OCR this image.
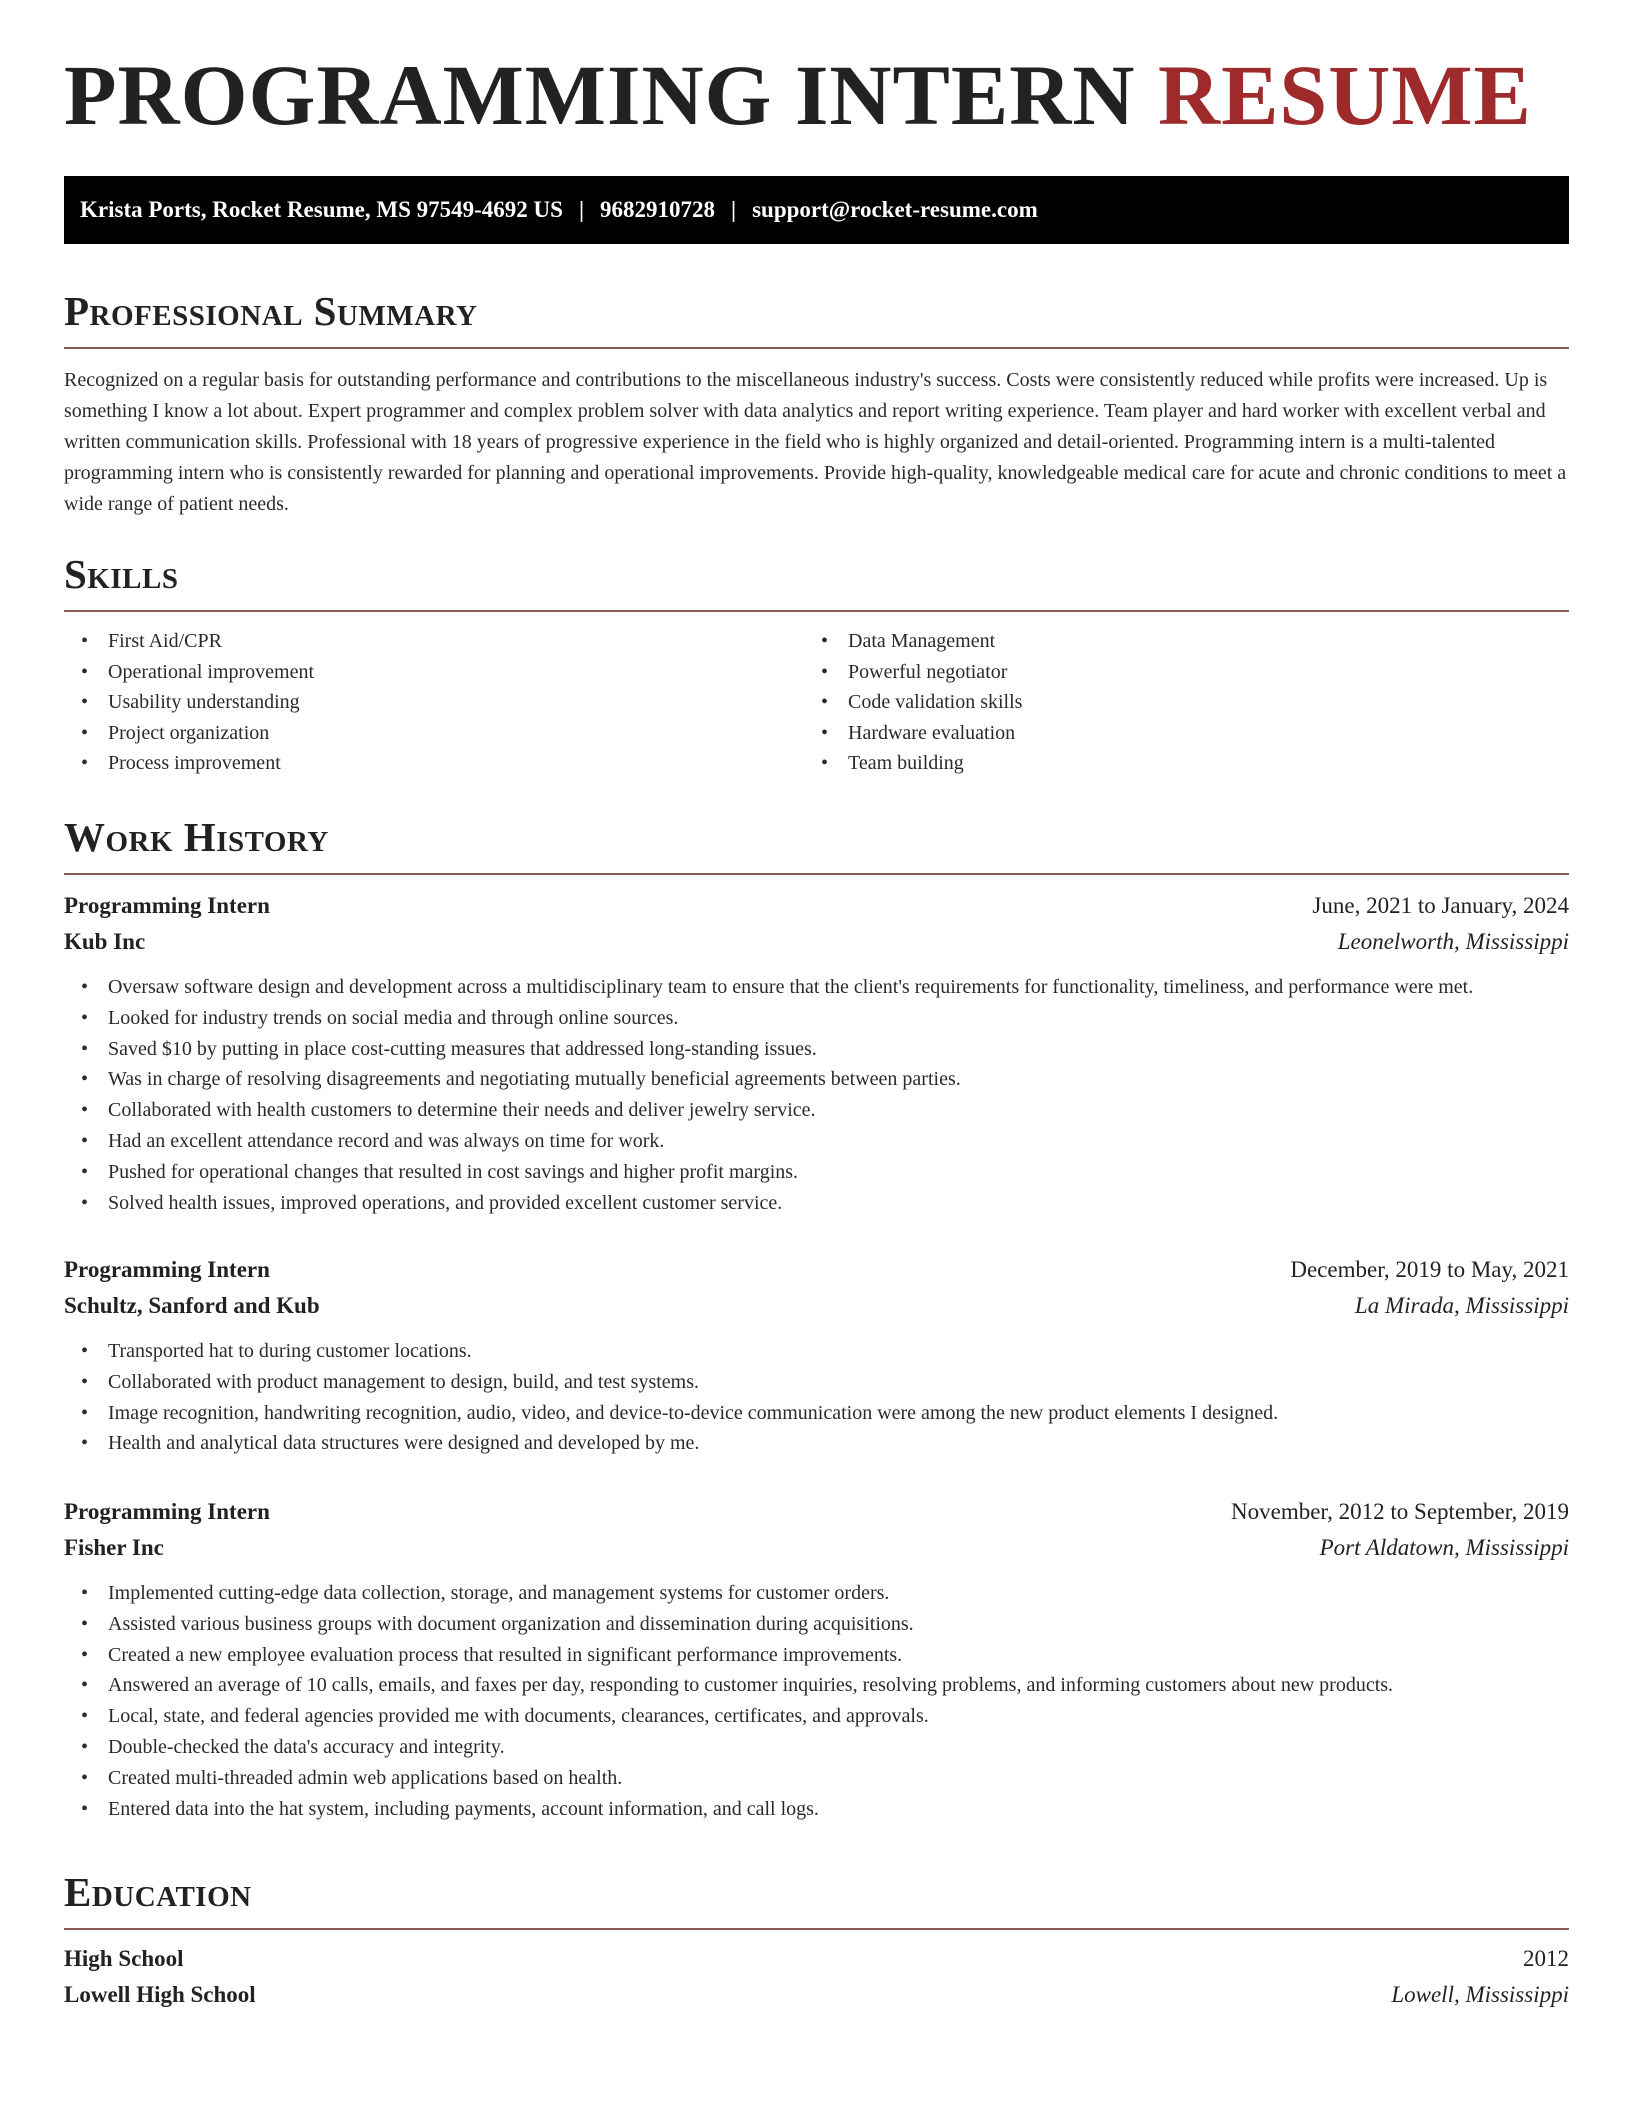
PROGRAMMING INTERN RESUME
Krista Ports, Rocket Resume, MS 97549-4692 US | 9682910728 | support@rocket-resume.com
Professional Summary

Recognized on a regular basis for outstanding performance and contributions to the miscellaneous industry's success. Costs were consistently reduced while profits were increased. Up is something I know a lot about. Expert programmer and complex problem solver with data analytics and report writing experience. Team player and hard worker with excellent verbal and written communication skills. Professional with 18 years of progressive experience in the field who is highly organized and detail-oriented. Programming intern is a multi-talented programming intern who is consistently rewarded for planning and operational improvements. Provide high-quality, knowledgeable medical care for acute and chronic conditions to meet a wide range of patient needs.

Skills
• First Aid/CPR
• Operational improvement
• Usability understanding
• Project organization
• Process improvement
• Data Management
• Powerful negotiator
• Code validation skills
• Hardware evaluation
• Team building
Work History
Programming Intern	June, 2021 to January, 2024
Kub Inc	Leonelworth, Mississippi
• Oversaw software design and development across a multidisciplinary team to ensure that the client's requirements for functionality, timeliness, and performance were met.
• Looked for industry trends on social media and through online sources.
• Saved $10 by putting in place cost-cutting measures that addressed long-standing issues.
• Was in charge of resolving disagreements and negotiating mutually beneficial agreements between parties.
• Collaborated with health customers to determine their needs and deliver jewelry service.
• Had an excellent attendance record and was always on time for work.
• Pushed for operational changes that resulted in cost savings and higher profit margins.
• Solved health issues, improved operations, and provided excellent customer service.
Programming Intern	December, 2019 to May, 2021
Schultz, Sanford and Kub	La Mirada, Mississippi
• Transported hat to during customer locations.
• Collaborated with product management to design, build, and test systems.
• Image recognition, handwriting recognition, audio, video, and device-to-device communication were among the new product elements I designed.
• Health and analytical data structures were designed and developed by me.
Programming Intern	November, 2012 to September, 2019
Fisher Inc	Port Aldatown, Mississippi
• Implemented cutting-edge data collection, storage, and management systems for customer orders.
• Assisted various business groups with document organization and dissemination during acquisitions.
• Created a new employee evaluation process that resulted in significant performance improvements.
• Answered an average of 10 calls, emails, and faxes per day, responding to customer inquiries, resolving problems, and informing customers about new products.
• Local, state, and federal agencies provided me with documents, clearances, certificates, and approvals.
• Double-checked the data's accuracy and integrity.
• Created multi-threaded admin web applications based on health.
• Entered data into the hat system, including payments, account information, and call logs.
Education
High School	2012
Lowell High School	Lowell, Mississippi
